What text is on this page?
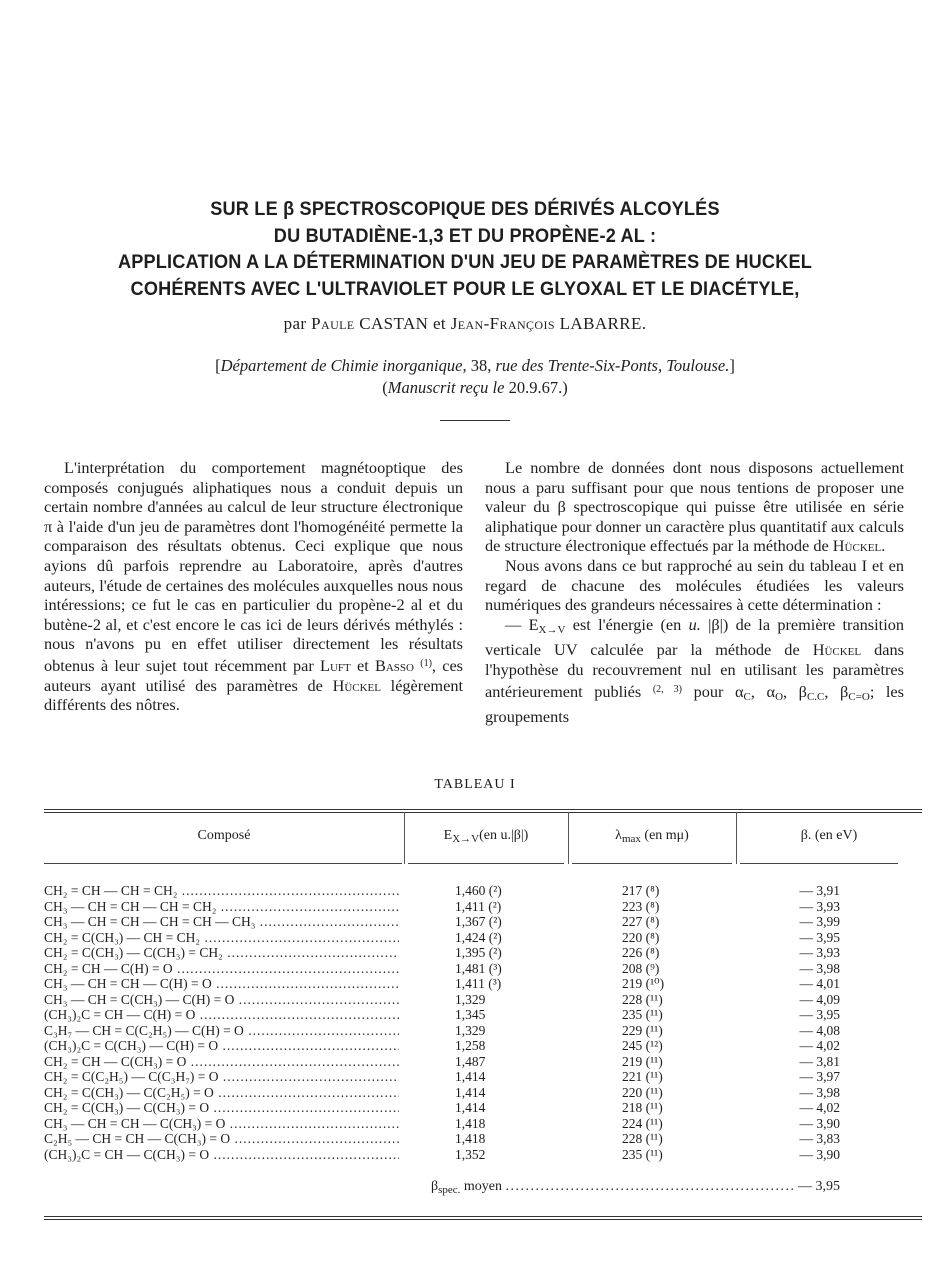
SUR LE β SPECTROSCOPIQUE DES DÉRIVÉS ALCOYLÉS
DU BUTADIÈNE-1,3 ET DU PROPÈNE-2 AL :
APPLICATION A LA DÉTERMINATION D'UN JEU DE PARAMÈTRES DE HUCKEL
COHÉRENTS AVEC L'ULTRAVIOLET POUR LE GLYOXAL ET LE DIACÉTYLE,
par Paule CASTAN et Jean-François LABARRE.
[Département de Chimie inorganique, 38, rue des Trente-Six-Ponts, Toulouse.]
(Manuscrit reçu le 20.9.67.)

L'interprétation du comportement magnétooptique des composés conjugués aliphatiques nous a conduit depuis un certain nombre d'années au calcul de leur structure électronique π à l'aide d'un jeu de paramètres dont l'homogénéité permette la comparaison des résultats obtenus. Ceci explique que nous ayions dû parfois reprendre au Laboratoire, après d'autres auteurs, l'étude de certaines des molécules auxquelles nous nous intéressions; ce fut le cas en particulier du propène-2 al et du butène-2 al, et c'est encore le cas ici de leurs dérivés méthylés : nous n'avons pu en effet utiliser directement les résultats obtenus à leur sujet tout récemment par Luft et Basso $^{(1)}$, ces auteurs ayant utilisé des paramètres de Hückel légèrement différents des nôtres.

Le nombre de données dont nous disposons actuellement nous a paru suffisant pour que nous tentions de proposer une valeur du β spectroscopique qui puisse être utilisée en série aliphatique pour donner un caractère plus quantitatif aux calculs de structure électronique effectués par la méthode de Hückel.

Nous avons dans ce but rapproché au sein du tableau I et en regard de chacune des molécules étudiées les valeurs numériques des grandeurs nécessaires à cette détermination :

— $E_{X\to V}$ est l'énergie (en u. |β|) de la première transition verticale UV calculée par la méthode de Hückel dans l'hypothèse du recouvrement nul en utilisant les paramètres antérieurement publiés $^{(2, 3)}$ pour $\alpha_C$, $\alpha_O$, $\beta_{C.C}$, $\beta_{C=O}$; les groupements

TABLEAU I
Composé	$E_{X\to V}(en$ u.|β|)	$\lambda_{max}$ (en mμ)	β. (en eV)
CH₂ = CH — CH = CH₂ .....	1,460 (²)	217 (⁸)	— 3,91
CH₃ — CH = CH — CH = CH₂ .....	1,411 (²)	223 (⁸)	— 3,93
CH₃ — CH = CH — CH = CH — CH₃ .....	1,367 (²)	227 (⁸)	— 3,99
CH₂ = C(CH₃) — CH = CH₂ .....	1,424 (²)	220 (⁸)	— 3,95
CH₂ = C(CH₃) — C(CH₃) = CH₂ .....	1,395 (²)	226 (⁸)	— 3,93
CH₂ = CH — C(H) = O .....	1,481 (³)	208 (⁹)	— 3,98
CH₃ — CH = CH — C(H) = O .....	1,411 (³)	219 (¹⁰)	— 4,01
CH₃ — CH = C(CH₃) — C(H) = O .....	1,329	228 (¹¹)	— 4,09
(CH₃)₂C = CH — C(H) = O .....	1,345	235 (¹¹)	— 3,95
C₃H₇ — CH = C(C₂H₅) — C(H) = O .....	1,329	229 (¹¹)	— 4,08
(CH₃)₂C = C(CH₃) — C(H) = O .....	1,258	245 (¹²)	— 4,02
CH₂ = CH — C(CH₃) = O .....	1,487	219 (¹¹)	— 3,81
CH₂ = C(C₂H₅) — C(C₃H₇) = O .....	1,414	221 (¹¹)	— 3,97
CH₂ = C(CH₃) — C(C₂H₅) = O .....	1,414	220 (¹¹)	— 3,98
CH₂ = C(CH₃) — C(CH₃) = O .....	1,414	218 (¹¹)	— 4,02
CH₃ — CH = CH — C(CH₃) = O .....	1,418	224 (¹¹)	— 3,90
C₂H₅ — CH = CH — C(CH₃) = O .....	1,418	228 (¹¹)	— 3,83
(CH₃)₂C = CH — C(CH₃) = O .....	1,352	235 (¹¹)	— 3,90
$\beta_{spec.}$ moyen .......................................................... — 3,95
